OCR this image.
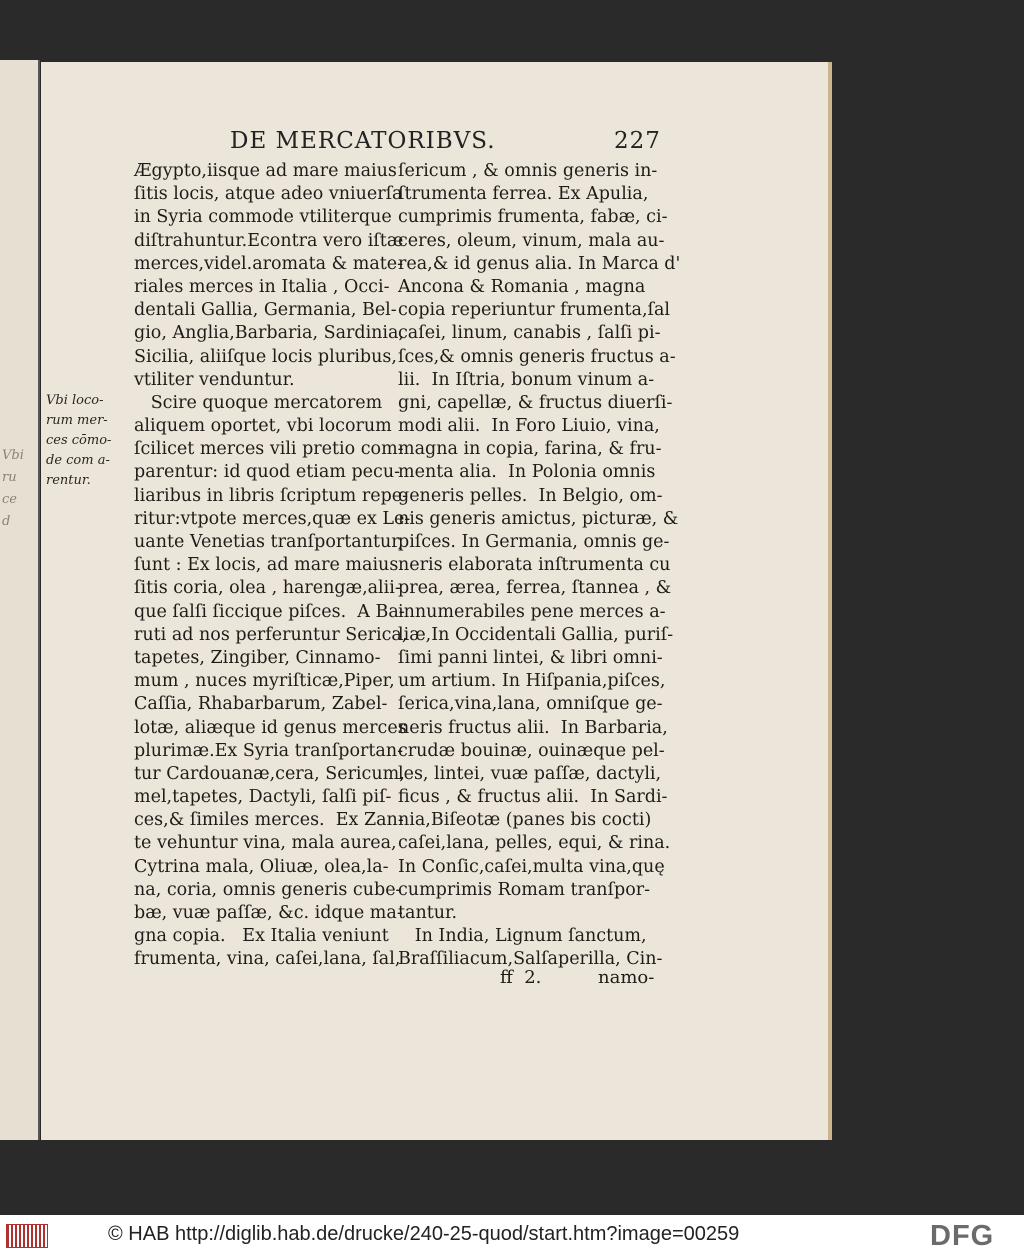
Vbi
ru
ce
d
DE MERCATORIBVS.	227
Ægypto,iisque ad mare maius
ſitis locis, atque adeo vniuerſa
in Syria commode vtiliterque
diſtrahuntur.Econtra vero iſtæ
merces,videl.aromata & mate-
riales merces in Italia , Occi-
dentali Gallia, Germania, Bel-
gio, Anglia,Barbaria, Sardinia,
Sicilia, aliiſque locis pluribus,
vtiliter venduntur.
Scire quoque mercatorem
aliquem oportet, vbi locorum
ſcilicet merces vili pretio com-
parentur: id quod etiam pecu-
liaribus in libris ſcriptum repe-
ritur:vtpote merces,quæ ex Le-
uante Venetias tranſportantur,
ſunt : Ex locis, ad mare maius
ſitis coria, olea , harengæ,alii-
que ſalſi ſiccique piſces.  A Ba-
ruti ad nos perferuntur Serica,
tapetes, Zingiber, Cinnamo-
mum , nuces myriſticæ,Piper,
Caſſia, Rhabarbarum, Zabel-
lotæ, aliæque id genus merces
plurimæ.Ex Syria tranſportan-
tur Cardouanæ,cera, Sericum,
mel,tapetes, Dactyli, ſalſi piſ-
ces,& ſimiles merces.  Ex Zan-
te vehuntur vina, mala aurea,
Cytrina mala, Oliuæ, olea,la-
na, coria, omnis generis cube-
bæ, vuæ paſſæ, &c. idque ma-
gna copia.   Ex Italia veniunt
frumenta, vina, caſei,lana, ſal,
ſericum , & omnis generis in-
ſtrumenta ferrea. Ex Apulia,
cumprimis frumenta, fabæ, ci-
ceres, oleum, vinum, mala au-
rea,& id genus alia. In Marca d'
Ancona & Romania , magna
copia reperiuntur frumenta,ſal
caſei, linum, canabis , ſalſi pi-
ſces,& omnis generis fructus a-
lii.  In Iſtria, bonum vinum a-
gni, capellæ, & fructus diuerſi-
modi alii.  In Foro Liuio, vina,
magna in copia, farina, & fru-
menta alia.  In Polonia omnis
generis pelles.  In Belgio, om-
nis generis amictus, picturæ, &
piſces. In Germania, omnis ge-
neris elaborata inſtrumenta cu
prea, ærea, ferrea, ſtannea , &
innumerabiles pene merces a-
liæ,In Occidentali Gallia, puriſ-
ſimi panni lintei, & libri omni-
um artium. In Hiſpania,piſces,
ſerica,vina,lana, omniſque ge-
neris fructus alii.  In Barbaria,
crudæ bouinæ, ouinæque pel-
les, lintei, vuæ paſſæ, dactyli,
ficus , & fructus alii.  In Sardi-
nia,Biſeotæ (panes bis cocti)
caſei,lana, pelles, equi, & rina.
In Conſic,caſei,multa vina,quę
cumprimis Romam tranſpor-
tantur.
In India, Lignum ſanctum,
Braſſiliacum,Salſaperilla, Cin-
Vbi loco-
rum mer-
ces cōmo-
de com a-
rentur.
ff  2.	namo-
© HAB http://diglib.hab.de/drucke/240-25-quod/start.htm?image=00259	DFG
